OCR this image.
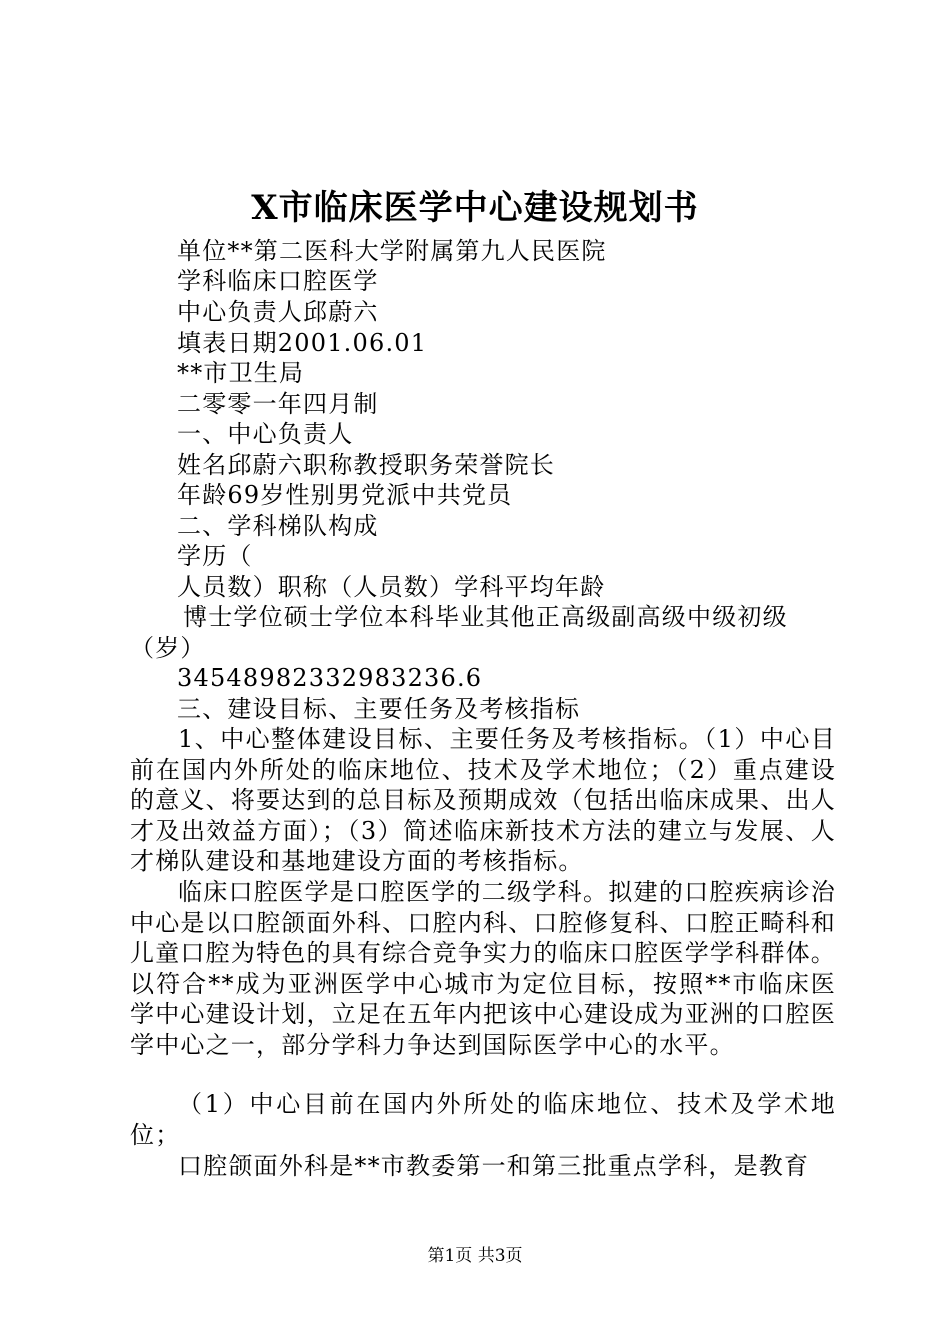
X市临床医学中心建设规划书
单位**第二医科大学附属第九人民医院
学科临床口腔医学
中心负责人邱蔚六
填表日期2001.06.01
**市卫生局
二零零一年四月制
一、中心负责人
姓名邱蔚六职称教授职务荣誉院长
年龄69岁性别男党派中共党员
二、学科梯队构成
学历（
人员数）职称（人员数）学科平均年龄
博士学位硕士学位本科毕业其他正高级副高级中级初级
（岁）
34548982332983236.6
三、建设目标、主要任务及考核指标
1、中心整体建设目标、主要任务及考核指标。（1）中心目前在国内外所处的临床地位、技术及学术地位；（2）重点建设的意义、将要达到的总目标及预期成效（包括出临床成果、出人才及出效益方面）；（3）简述临床新技术方法的建立与发展、人才梯队建设和基地建设方面的考核指标。
临床口腔医学是口腔医学的二级学科。拟建的口腔疾病诊治中心是以口腔颌面外科、口腔内科、口腔修复科、口腔正畸科和儿童口腔为特色的具有综合竞争实力的临床口腔医学学科群体。以符合**成为亚洲医学中心城市为定位目标，按照**市临床医学中心建设计划，立足在五年内把该中心建设成为亚洲的口腔医学中心之一，部分学科力争达到国际医学中心的水平。
（1）中心目前在国内外所处的临床地位、技术及学术地位；
口腔颌面外科是**市教委第一和第三批重点学科，是教育
第1页 共3页
